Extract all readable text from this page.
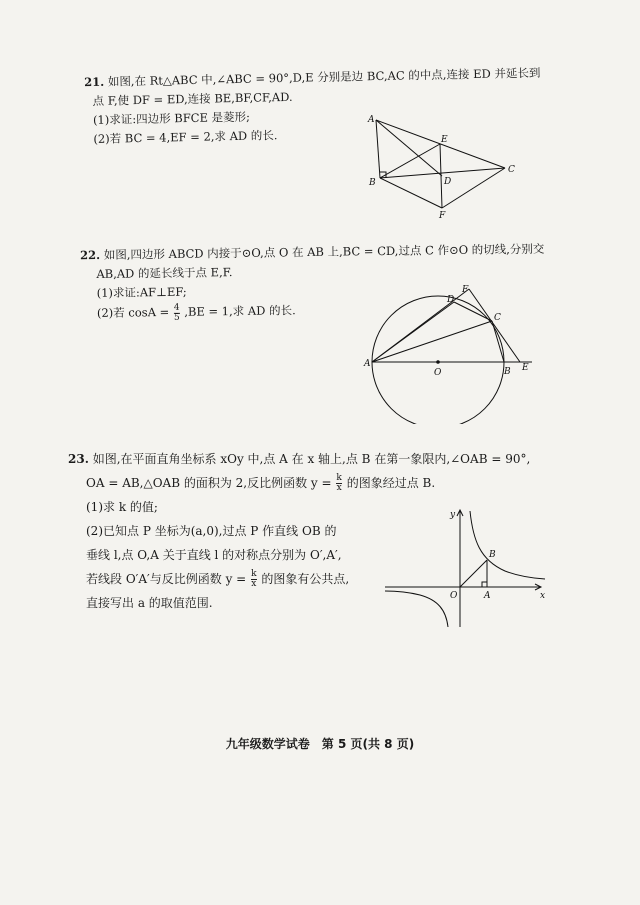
21. 如图,在 Rt△ABC 中,∠ABC = 90°,D,E 分别是边 BC,AC 的中点,连接 ED 并延长到
点 F,使 DF = ED,连接 BE,BF,CF,AD.
(1)求证:四边形 BFCE 是菱形;
(2)若 BC = 4,EF = 2,求 AD 的长.
A
B
C
D
E
F
22. 如图,四边形 ABCD 内接于⊙O,点 O 在 AB 上,BC = CD,过点 C 作⊙O 的切线,分别交
AB,AD 的延长线于点 E,F.
(1)求证:AF⊥EF;
(2)若 $\cos A = \frac{4}{5} ,BE = 1$,求 AD 的长.
A
O	B E
C
D
F
23. 如图,在平面直角坐标系 xOy 中,点 A 在 x 轴上,点 B 在第一象限内,∠OAB = 90°,
OA = AB,△OAB 的面积为 2,反比例函数 $y = \frac{k}{x}$ 的图象经过点 B.
(1)求 k 的值;
(2)已知点 P 坐标为(a,0),过点 P 作直线 OB 的
垂线 l,点 O,A 关于直线 l 的对称点分别为 O′,A′,
若线段 O′A′与反比例函数 $y = \frac{k}{x}$ 的图象有公共点,
直接写出 a 的取值范围.
y
x
O	A
B
九年级数学试卷　第 5 页(共 8 页)
